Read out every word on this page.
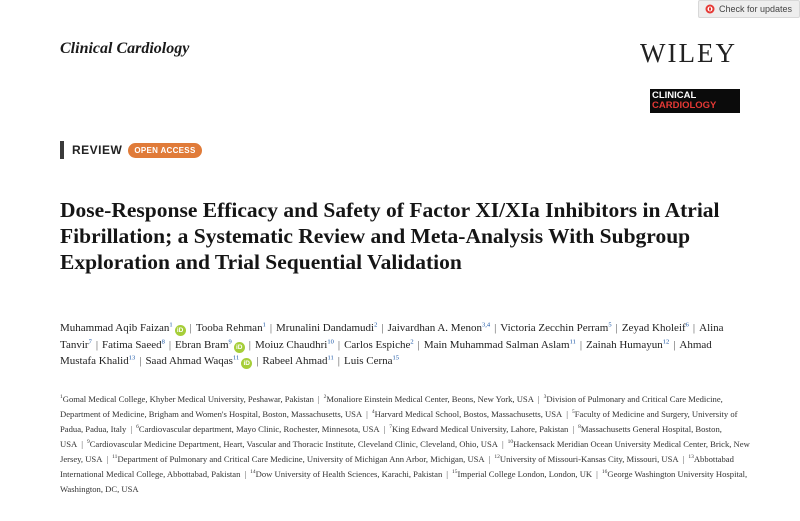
Check for updates
Clinical Cardiology	WILEY
CLINICAL
CARDIOLOGY
REVIEW	OPEN ACCESS
Dose-Response Efficacy and Safety of Factor XI/XIa Inhibitors in Atrial Fibrillation; a Systematic Review and Meta-Analysis With Subgroup Exploration and Trial Sequential Validation
Muhammad Aqib Faizan$^1$iD | Tooba Rehman$^1$ | Mrunalini Dandamudi$^2$ | Jaivardhan A. Menon$^{3,4}$ | Victoria Zecchin Perram$^5$ | Zeyad Kholeif$^6$ | Alina Tanvir$^7$ | Fatima Saeed$^8$ | Ebran Bram$^9$iD | Moiuz Chaudhri$^{10}$ | Carlos Espiche$^2$ | Main Muhammad Salman Aslam$^{11}$ | Zainah Humayun$^{12}$ | Ahmad Mustafa Khalid$^{13}$ | Saad Ahmad Waqas$^{11}$iD | Rabeel Ahmad$^{11}$ | Luis Cerna$^{15}$
$^1$Gomal Medical College, Khyber Medical University, Peshawar, Pakistan | $^2$Monaliore Einstein Medical Center, Beons, New York, USA | $^3$Division of Pulmonary and Critical Care Medicine, Department of Medicine, Brigham and Women's Hospital, Boston, Massachusetts, USA | $^4$Harvard Medical School, Bostos, Massachusetts, USA | $^5$Faculty of Medicine and Surgery, University of Padua, Padua, Italy | $^6$Cardiovascular department, Mayo Clinic, Rochester, Minnesota, USA | $^7$King Edward Medical University, Lahore, Pakistan | $^8$Massachusetts General Hospital, Boston, USA | $^9$Cardiovascular Medicine Department, Heart, Vascular and Thoracic Institute, Cleveland Clinic, Cleveland, Ohio, USA | $^{10}$Hackensack Meridian Ocean University Medical Center, Brick, New Jersey, USA | $^{11}$Department of Pulmonary and Critical Care Medicine, University of Michigan Ann Arbor, Michigan, USA | $^{12}$University of Missouri-Kansas City, Missouri, USA | $^{13}$Abbottabad International Medical College, Abbottabad, Pakistan | $^{14}$Dow University of Health Sciences, Karachi, Pakistan | $^{15}$Imperial College London, London, UK | $^{16}$George Washington University Hospital, Washington, DC, USA
